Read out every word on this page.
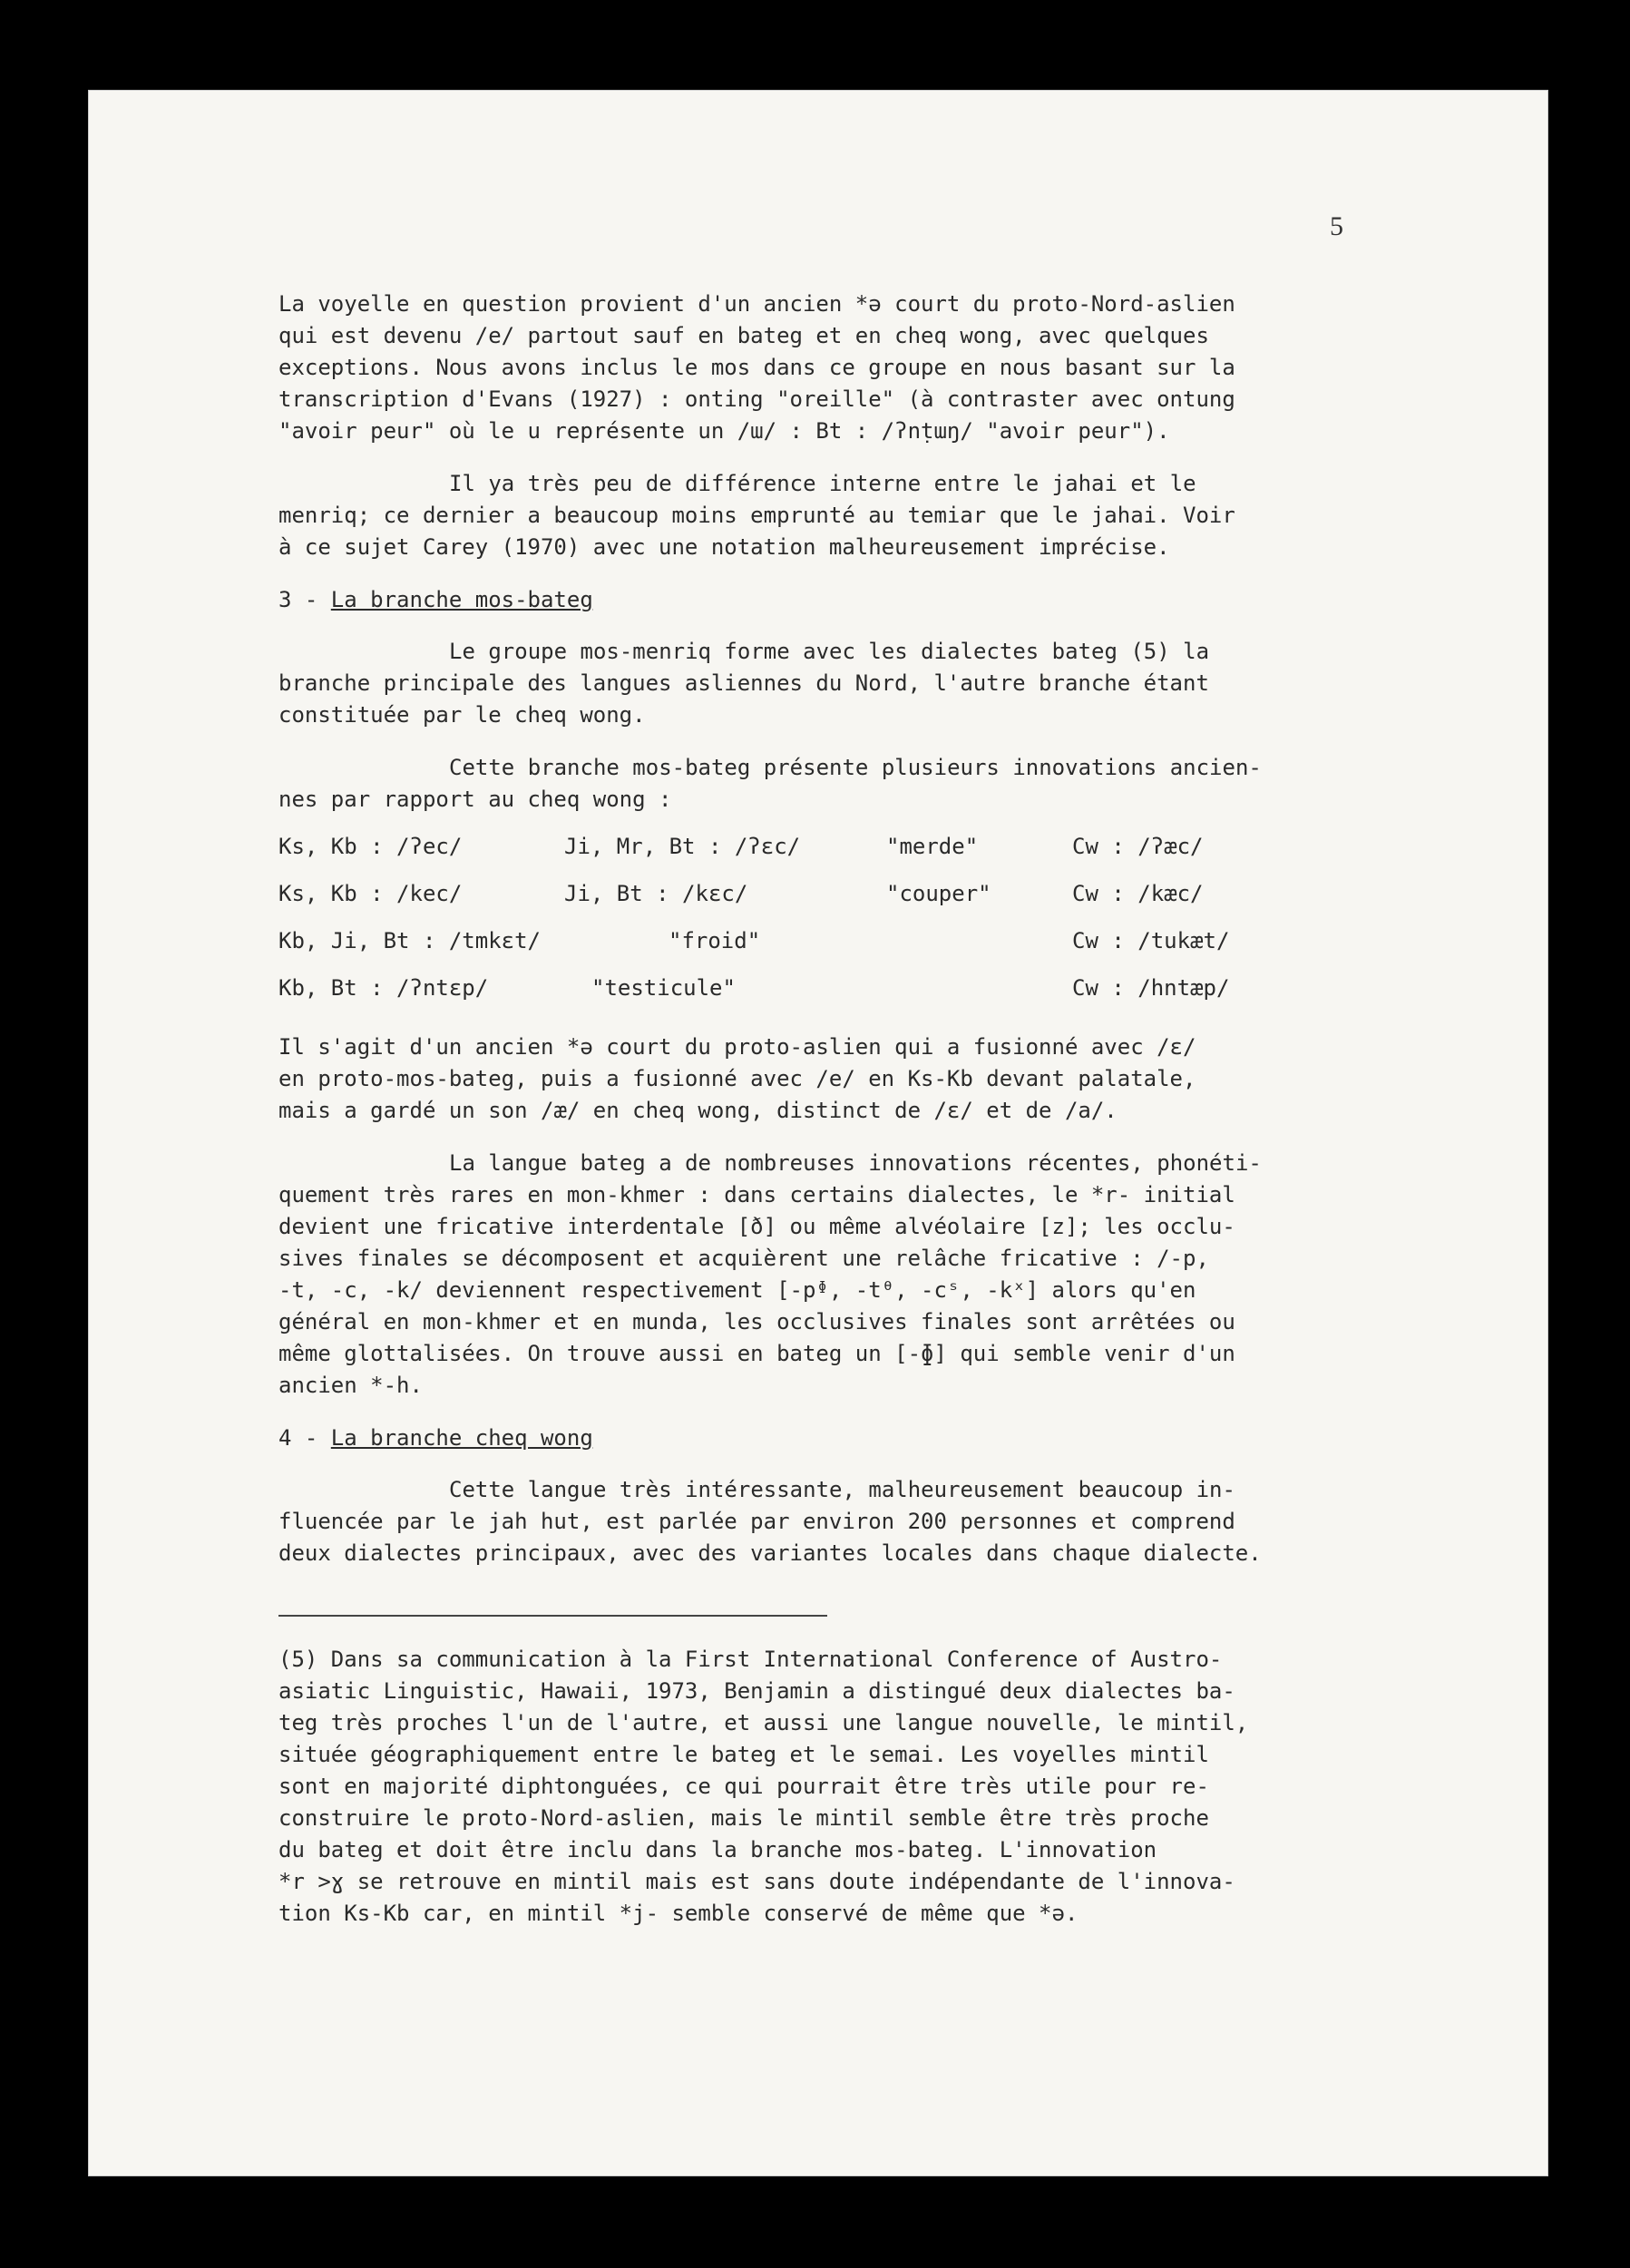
5

La voyelle en question provient d'un ancien *ə court du proto-Nord-aslien

qui est devenu /e/ partout sauf en bateg et en cheq wong, avec quelques

exceptions. Nous avons inclus le mos dans ce groupe en nous basant sur la

transcription d'Evans (1927) : onting "oreille" (à contraster avec ontung

"avoir peur" où le u représente un /ɯ/ : Bt : /ʔnṭɯŋ/ "avoir peur").

Il ya très peu de différence interne entre le jahai et le

menriq; ce dernier a beaucoup moins emprunté au temiar que le jahai. Voir

à ce sujet Carey (1970) avec une notation malheureusement imprécise.

3 - La branche mos-bateg

Le groupe mos-menriq forme avec les dialectes bateg (5) la

branche principale des langues asliennes du Nord, l'autre branche étant

constituée par le cheq wong.

Cette branche mos-bateg présente plusieurs innovations ancien-

nes par rapport au cheq wong :

Ks, Kb : /ʔec/	Ji, Mr, Bt : /ʔɛc/	"merde"	Cw : /ʔæc/
Ks, Kb : /kec/	Ji, Bt : /kɛc/	"couper"	Cw : /kæc/
Kb, Ji, Bt : /tmkɛt/	"froid"	Cw : /tukæt/
Kb, Bt : /ʔntɛp/	"testicule"	Cw : /hntæp/

Il s'agit d'un ancien *ə court du proto-aslien qui a fusionné avec /ɛ/

en proto-mos-bateg, puis a fusionné avec /e/ en Ks-Kb devant palatale,

mais a gardé un son /æ/ en cheq wong, distinct de /ɛ/ et de /a/.

La langue bateg a de nombreuses innovations récentes, phonéti-

quement très rares en mon-khmer : dans certains dialectes, le *r- initial

devient une fricative interdentale [ð] ou même alvéolaire [z]; les occlu-

sives finales se décomposent et acquièrent une relâche fricative : /-p,

-t, -c, -k/ deviennent respectivement [-pᶲ, -tᶿ, -cˢ, -kˣ] alors qu'en

général en mon-khmer et en munda, les occlusives finales sont arrêtées ou

même glottalisées. On trouve aussi en bateg un [-ɸ] qui semble venir d'un

ancien *-h.

4 - La branche cheq wong

Cette langue très intéressante, malheureusement beaucoup in-

fluencée par le jah hut, est parlée par environ 200 personnes et comprend

deux dialectes principaux, avec des variantes locales dans chaque dialecte.

(5) Dans sa communication à la First International Conference of Austro-

asiatic Linguistic, Hawaii, 1973, Benjamin a distingué deux dialectes ba-

teg très proches l'un de l'autre, et aussi une langue nouvelle, le mintil,

située géographiquement entre le bateg et le semai. Les voyelles mintil

sont en majorité diphtonguées, ce qui pourrait être très utile pour re-

construire le proto-Nord-aslien, mais le mintil semble être très proche

du bateg et doit être inclu dans la branche mos-bateg. L'innovation

*r >ɣ se retrouve en mintil mais est sans doute indépendante de l'innova-

tion Ks-Kb car, en mintil *j- semble conservé de même que *ə.
